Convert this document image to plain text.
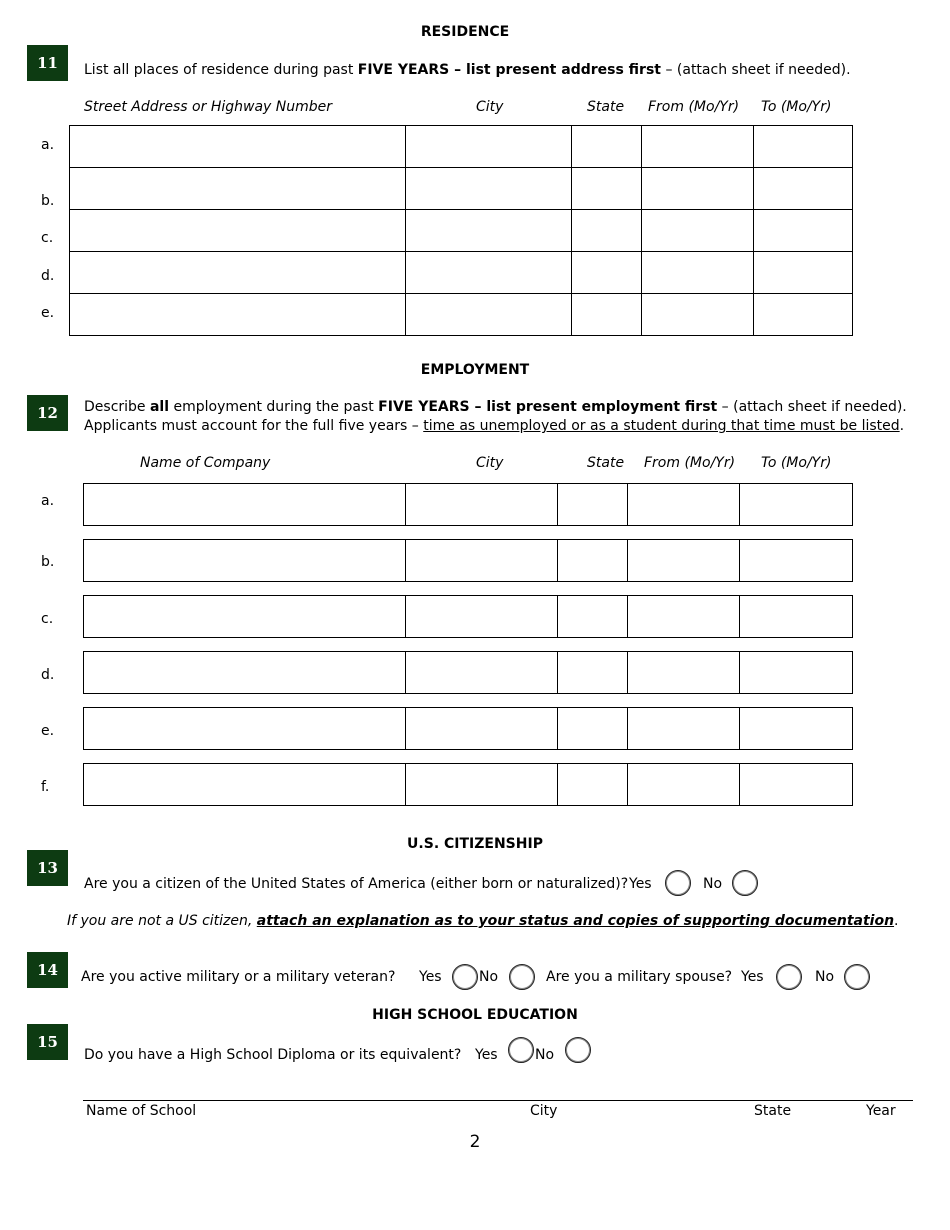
RESIDENCE
11	List all places of residence during past FIVE YEARS – list present address first – (attach sheet if needed).
Street Address or Highway Number	City	State From (Mo/Yr) To (Mo/Yr)

a.
b.
c.
d.
e.
EMPLOYMENT
12	Describe all employment during the past FIVE YEARS – list present employment first – (attach sheet if needed).
Applicants must account for the full five years – time as unemployed or as a student during that time must be listed.
Name of Company	City	State From (Mo/Yr) To (Mo/Yr)

a.
b.
c.
d.
e.
f.
U.S. CITIZENSHIP
13
Are you a citizen of the United States of America (either born or naturalized)? Yes	No
If you are not a US citizen, attach an explanation as to your status and copies of supporting documentation.
14	Are you active military or a military veteran? Yes	No	Are you a military spouse? Yes	No
HIGH SCHOOL EDUCATION
15
Do you have a High School Diploma or its equivalent? Yes	No
Name of School	City	State	Year
2
